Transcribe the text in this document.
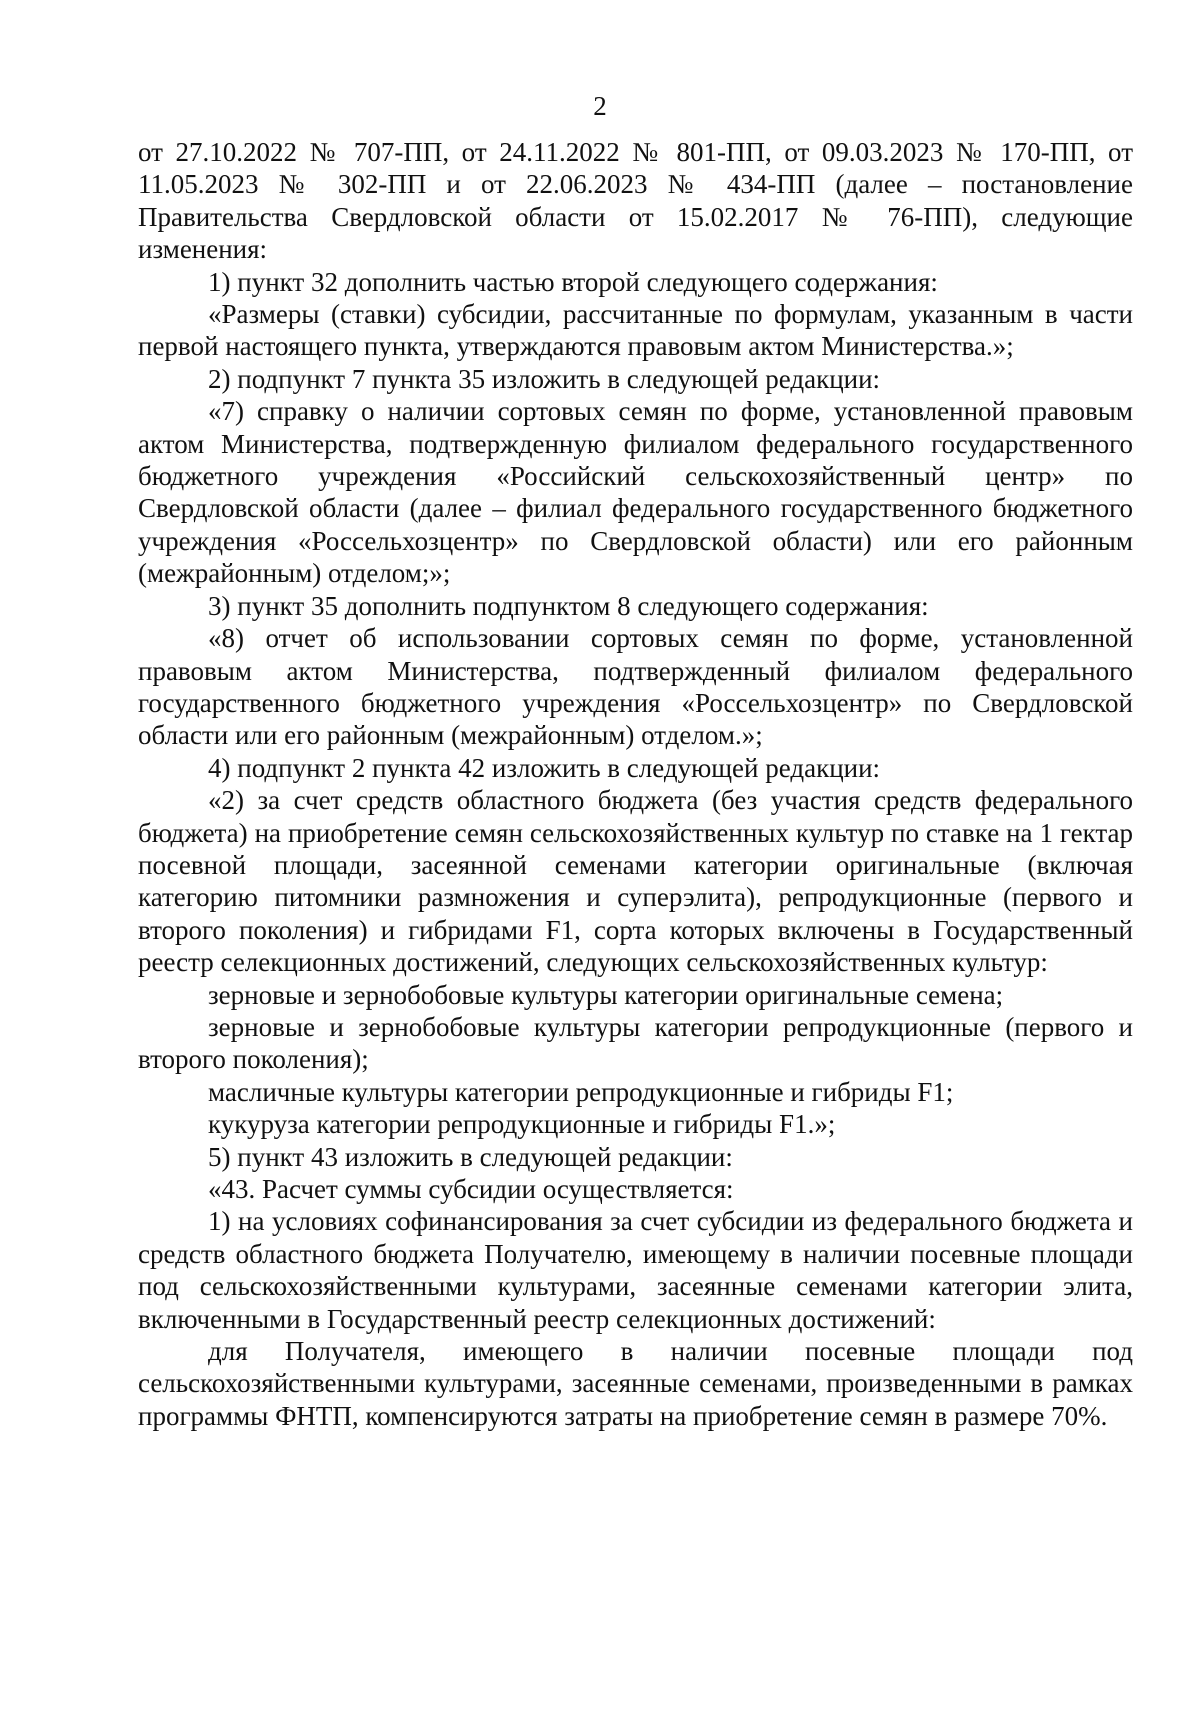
2

от 27.10.2022 № 707-ПП, от 24.11.2022 № 801-ПП, от 09.03.2023 № 170-ПП, от 11.05.2023 № 302-ПП и от 22.06.2023 № 434-ПП (далее – постановление Правительства Свердловской области от 15.02.2017 № 76-ПП), следующие изменения:

1) пункт 32 дополнить частью второй следующего содержания:

«Размеры (ставки) субсидии, рассчитанные по формулам, указанным в части первой настоящего пункта, утверждаются правовым актом Министерства.»;

2) подпункт 7 пункта 35 изложить в следующей редакции:

«7) справку о наличии сортовых семян по форме, установленной правовым актом Министерства, подтвержденную филиалом федерального государственного бюджетного учреждения «Российский сельскохозяйственный центр» по Свердловской области (далее – филиал федерального государственного бюджетного учреждения «Россельхозцентр» по Свердловской области) или его районным (межрайонным) отделом;»;

3) пункт 35 дополнить подпунктом 8 следующего содержания:

«8) отчет об использовании сортовых семян по форме, установленной правовым актом Министерства, подтвержденный филиалом федерального государственного бюджетного учреждения «Россельхозцентр» по Свердловской области или его районным (межрайонным) отделом.»;

4) подпункт 2 пункта 42 изложить в следующей редакции:

«2) за счет средств областного бюджета (без участия средств федерального бюджета) на приобретение семян сельскохозяйственных культур по ставке на 1 гектар посевной площади, засеянной семенами категории оригинальные (включая категорию питомники размножения и суперэлита), репродукционные (первого и второго поколения) и гибридами F1, сорта которых включены в Государственный реестр селекционных достижений, следующих сельскохозяйственных культур:

зерновые и зернобобовые культуры категории оригинальные семена;

зерновые и зернобобовые культуры категории репродукционные (первого и второго поколения);

масличные культуры категории репродукционные и гибриды F1;

кукуруза категории репродукционные и гибриды F1.»;

5) пункт 43 изложить в следующей редакции:

«43. Расчет суммы субсидии осуществляется:

1) на условиях софинансирования за счет субсидии из федерального бюджета и средств областного бюджета Получателю, имеющему в наличии посевные площади под сельскохозяйственными культурами, засеянные семенами категории элита, включенными в Государственный реестр селекционных достижений:

для Получателя, имеющего в наличии посевные площади под сельскохозяйственными культурами, засеянные семенами, произведенными в рамках программы ФНТП, компенсируются затраты на приобретение семян в размере 70%.
